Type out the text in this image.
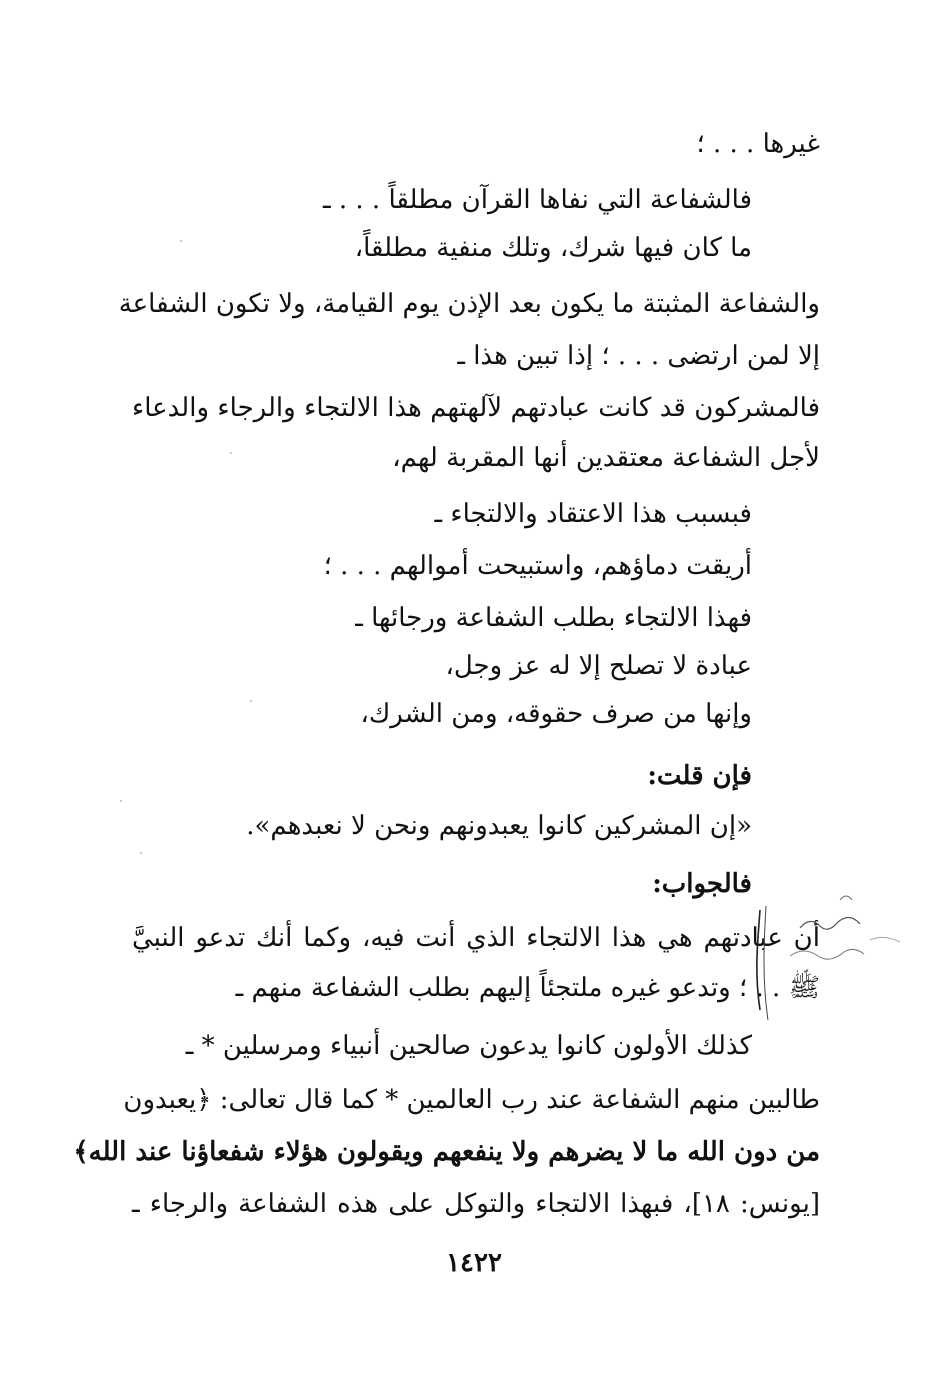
غيرها . . . ؛
فالشفاعة التي نفاها القرآن مطلقاً . . . ـ
ما كان فيها شرك، وتلك منفية مطلقاً،
والشفاعة المثبتة ما يكون بعد الإذن يوم القيامة، ولا تكون الشفاعة
إلا لمن ارتضى . . . ؛ إذا تبين هذا ـ
فالمشركون قد كانت عبادتهم لآلهتهم هذا الالتجاء والرجاء والدعاء
لأجل الشفاعة معتقدين أنها المقربة لهم،
فبسبب هذا الاعتقاد والالتجاء ـ
أريقت دماؤهم، واستبيحت أموالهم . . . ؛
فهذا الالتجاء بطلب الشفاعة ورجائها ـ
عبادة لا تصلح إلا له عز وجل،
وإنها من صرف حقوقه، ومن الشرك،
فإن قلت:
«إن المشركين كانوا يعبدونهم ونحن لا نعبدهم».
فالجواب:
أن عبادتهم هي هذا الالتجاء الذي أنت فيه، وكما أنك تدعو النبيَّ
ﷺ . . ؛ وتدعو غيره ملتجئاً إليهم بطلب الشفاعة منهم ـ
كذلك الأولون كانوا يدعون صالحين أنبياء ومرسلين * ـ
طالبين منهم الشفاعة عند رب العالمين * كما قال تعالى: ﴿يعبدون
من دون الله ما لا يضرهم ولا ينفعهم ويقولون هؤلاء شفعاؤنا عند الله﴾
[يونس: ١٨]، فبهذا الالتجاء والتوكل على هذه الشفاعة والرجاء ـ
١٤٢٢
